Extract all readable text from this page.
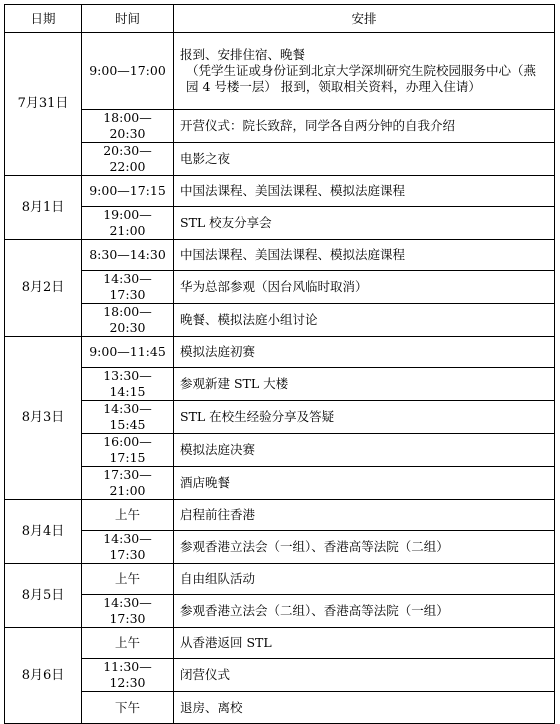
日期	时间	安排
7月31日	9:00—17:00	报到、安排住宿、晚餐
（凭学生证或身份证到北京大学深圳研究生院校园服务中心（燕园 4 号楼一层） 报到，领取相关资料，办理入住请）

	18:00—20:30	开营仪式：院长致辞，同学各自两分钟的自我介绍

	20:30—22:00	电影之夜

8月1日	9:00—17:15	中国法课程、美国法课程、模拟法庭课程

	19:00—21:00	STL 校友分享会

8月2日	8:30—14:30	中国法课程、美国法课程、模拟法庭课程

	14:30—17:30	华为总部参观（因台风临时取消）

	18:00—20:30	晚餐、模拟法庭小组讨论

8月3日	9:00—11:45	模拟法庭初赛

	13:30—14:15	参观新建 STL 大楼

	14:30—15:45	STL 在校生经验分享及答疑

	16:00—17:15	模拟法庭决赛

	17:30—21:00	酒店晚餐

8月4日	上午	启程前往香港

	14:30—17:30	参观香港立法会（一组）、香港高等法院（二组）

8月5日	上午	自由组队活动

	14:30—17:30	参观香港立法会（二组）、香港高等法院（一组）

8月6日	上午	从香港返回 STL

	11:30—12:30	闭营仪式

	下午	退房、离校
